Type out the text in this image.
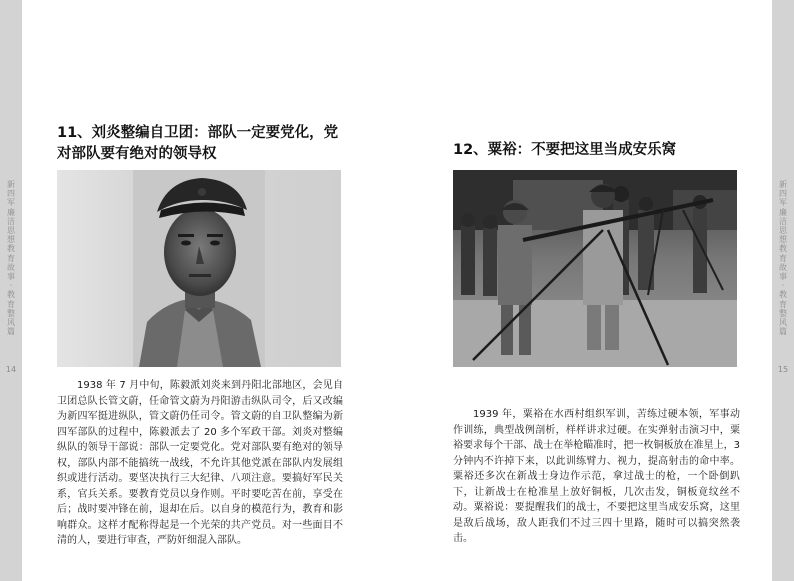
新
四
军
廉
洁
思
想
教
育
故
事
·
教
育
整
风
篇
新
四
军
廉
洁
思
想
教
育
故
事
·
教
育
整
风
篇
14	15
11、刘炎整编自卫团：部队一定要党化，党对部队要有绝对的领导权

1938 年 7 月中旬，陈毅派刘炎来到丹阳北部地区，会见自卫团总队长管文蔚，任命管文蔚为丹阳游击纵队司令，后又改编为新四军挺进纵队，管文蔚仍任司令。管文蔚的自卫队整编为新四军部队的过程中，陈毅派去了 20 多个军政干部。刘炎对整编纵队的领导干部说：部队一定要党化。党对部队要有绝对的领导权，部队内部不能搞统一战线，不允许其他党派在部队内发展组织或进行活动。要坚决执行三大纪律、八项注意。要搞好军民关系，官兵关系。要教育党员以身作则。平时要吃苦在前，享受在后；战时要冲锋在前，退却在后。以自身的模范行为，教育和影响群众。这样才配称得起是一个光荣的共产党员。对一些面目不清的人，要进行审查，严防奸细混入部队。

12、粟裕：不要把这里当成安乐窝

1939 年，粟裕在水西村组织军训，苦练过硬本领，军事动作训练，典型战例剖析，样样讲求过硬。在实弹射击演习中，粟裕要求每个干部、战士在举枪瞄准时，把一枚铜板放在准星上，3 分钟内不许掉下来，以此训练臂力、视力，提高射击的命中率。粟裕还多次在新战士身边作示范，拿过战士的枪，一个卧倒趴下，让新战士在枪准星上放好铜板，几次击发，铜板竟纹丝不动。粟裕说：要提醒我们的战士，不要把这里当成安乐窝，这里是敌后战场，敌人距我们不过三四十里路，随时可以搞突然袭击。
